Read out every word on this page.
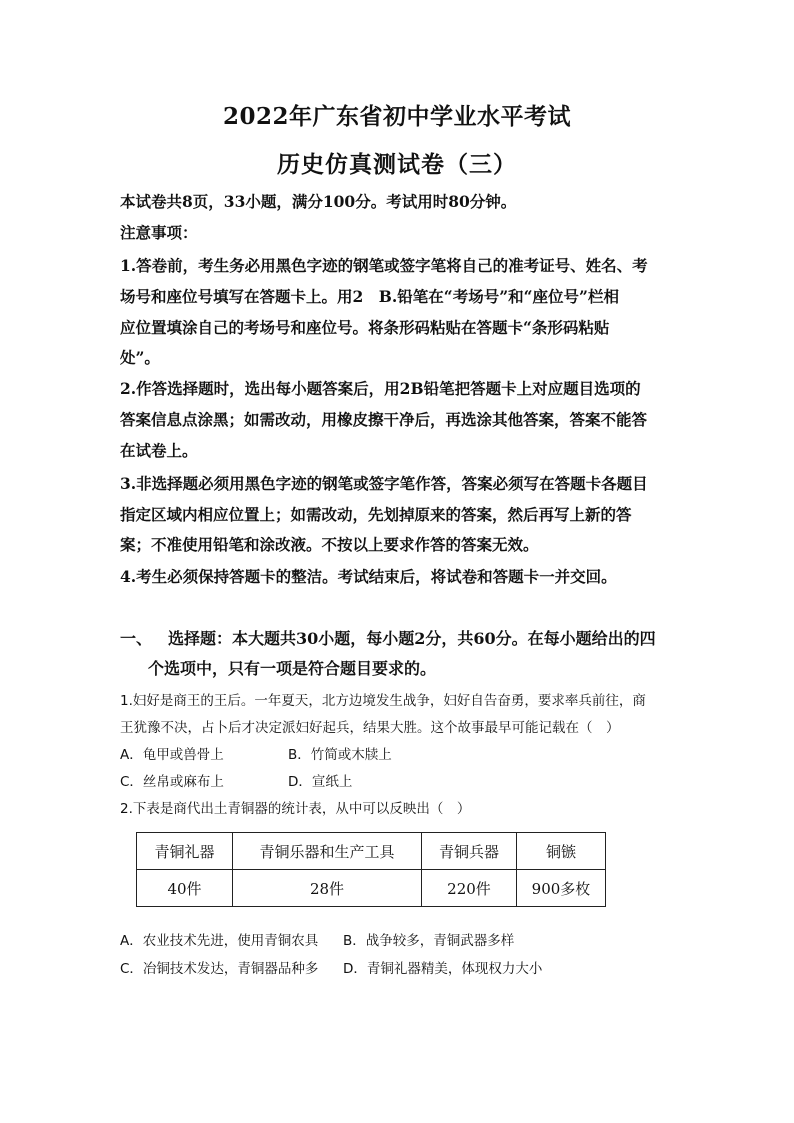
2022年广东省初中学业水平考试
历史仿真测试卷（三）
本试卷共8页，33小题，满分100分。考试用时80分钟。
注意事项：
1.答卷前，考生务必用黑色字迹的钢笔或签字笔将自己的准考证号、姓名、考
场号和座位号填写在答题卡上。用2　B.铅笔在“考场号”和“座位号”栏相
应位置填涂自己的考场号和座位号。将条形码粘贴在答题卡“条形码粘贴
处”。
2.作答选择题时，选出每小题答案后，用2B铅笔把答题卡上对应题目选项的
答案信息点涂黑；如需改动，用橡皮擦干净后，再选涂其他答案，答案不能答
在试卷上。
3.非选择题必须用黑色字迹的钢笔或签字笔作答，答案必须写在答题卡各题目
指定区域内相应位置上；如需改动，先划掉原来的答案，然后再写上新的答
案；不准使用铅笔和涂改液。不按以上要求作答的答案无效。
4.考生必须保持答题卡的整洁。考试结束后，将试卷和答题卡一并交回。
一、 选择题：本大题共30小题，每小题2分，共60分。在每小题给出的四
个选项中，只有一项是符合题目要求的。
1.妇好是商王的王后。一年夏天，北方边境发生战争，妇好自告奋勇，要求率兵前往，商
王犹豫不决，占卜后才决定派妇好起兵，结果大胜。这个故事最早可能记载在（　）
A．龟甲或兽骨上	B．竹简或木牍上
C．丝帛或麻布上	D．宣纸上
2.下表是商代出土青铜器的统计表，从中可以反映出（　）
青铜礼器	青铜乐器和生产工具	青铜兵器	铜镞
40件	28件	220件	900多枚
A．农业技术先进，使用青铜农具 B．战争较多，青铜武器多样
C．冶铜技术发达，青铜器品种多 D．青铜礼器精美，体现权力大小
